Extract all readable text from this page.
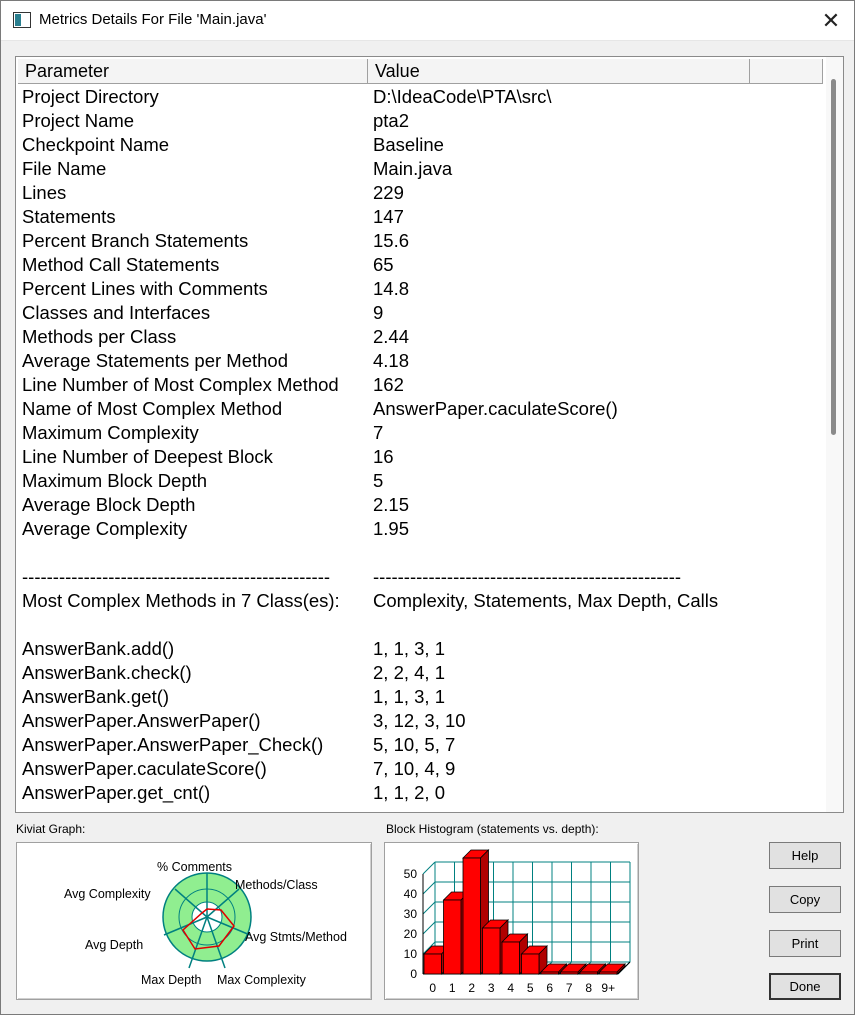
Metrics Details For File 'Main.java'	✕
Parameter	Value
Project Directory	D:\IdeaCode\PTA\src\
Project Name	pta2
Checkpoint Name	Baseline
File Name	Main.java
Lines	229
Statements	147
Percent Branch Statements	15.6
Method Call Statements	65
Percent Lines with Comments	14.8
Classes and Interfaces	9
Methods per Class	2.44
Average Statements per Method	4.18
Line Number of Most Complex Method 162
Name of Most Complex Method	AnswerPaper.caculateScore()
Maximum Complexity	7
Line Number of Deepest Block	16
Maximum Block Depth	5
Average Block Depth	2.15
Average Complexity	1.95
-------------------------------------------------- --------------------------------------------------
Most Complex Methods in 7 Class(es): Complexity, Statements, Max Depth, Calls
AnswerBank.add()	1, 1, 3, 1
AnswerBank.check()	2, 2, 4, 1
AnswerBank.get()	1, 1, 3, 1
AnswerPaper.AnswerPaper()	3, 12, 3, 10
AnswerPaper.AnswerPaper_Check()	5, 10, 5, 7
AnswerPaper.caculateScore()	7, 10, 4, 9
AnswerPaper.get_cnt()	1, 1, 2, 0
Kiviat Graph:
% Comments
Methods/Class
Avg Stmts/Method
Max Complexity
Max Depth
Avg Depth
Avg Complexity
Block Histogram (statements vs. depth):
0
10
20
30
40
50
0 1 2 3 4 5 6 7 8 9+
Help
Copy
Print
Done
